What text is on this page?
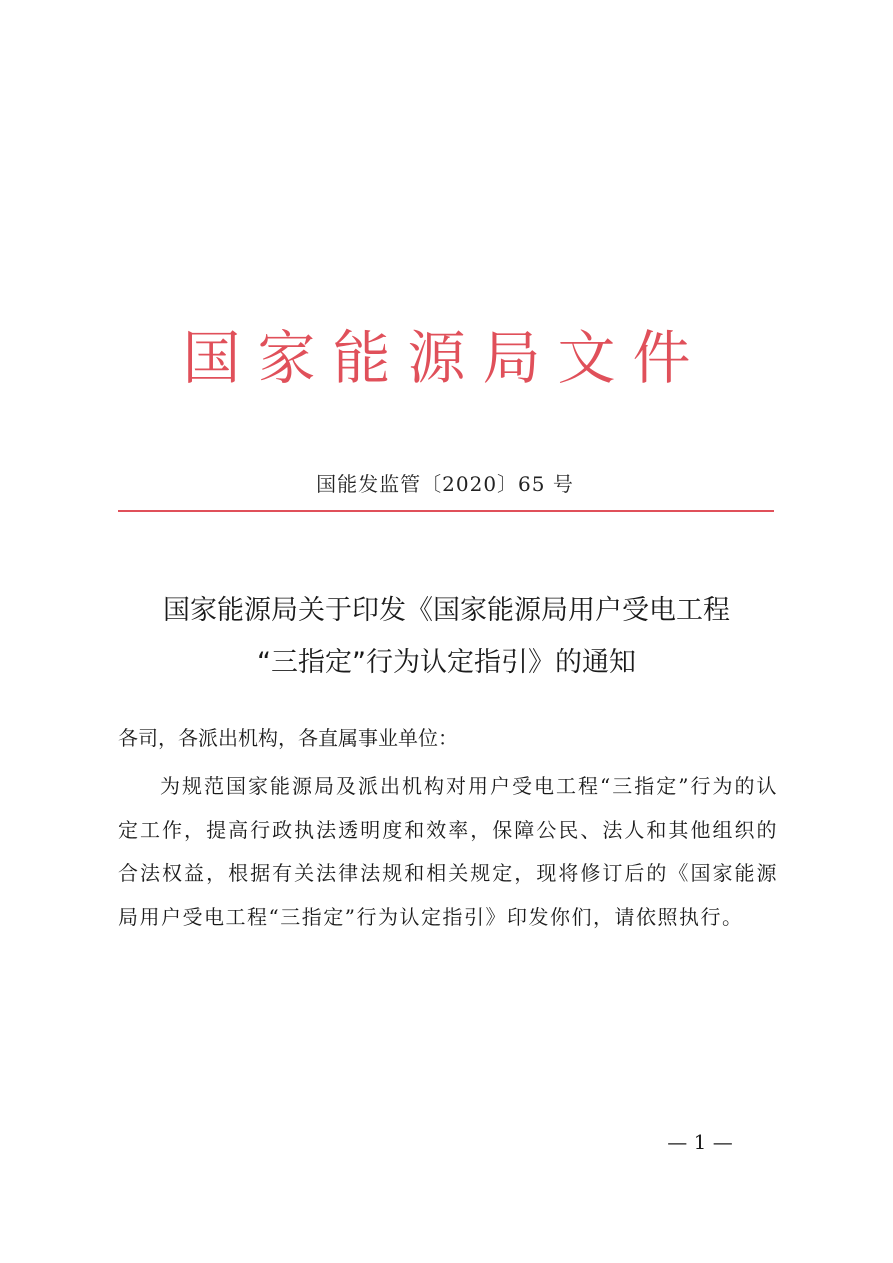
国家能源局文件
国能发监管〔2020〕65 号
国家能源局关于印发《国家能源局用户受电工程
“三指定”行为认定指引》的通知
各司，各派出机构，各直属事业单位：

为规范国家能源局及派出机构对用户受电工程“三指定”行为的认定工作，提高行政执法透明度和效率，保障公民、法人和其他组织的合法权益，根据有关法律法规和相关规定，现将修订后的《国家能源局用户受电工程“三指定”行为认定指引》印发你们，请依照执行。

— 1 —
